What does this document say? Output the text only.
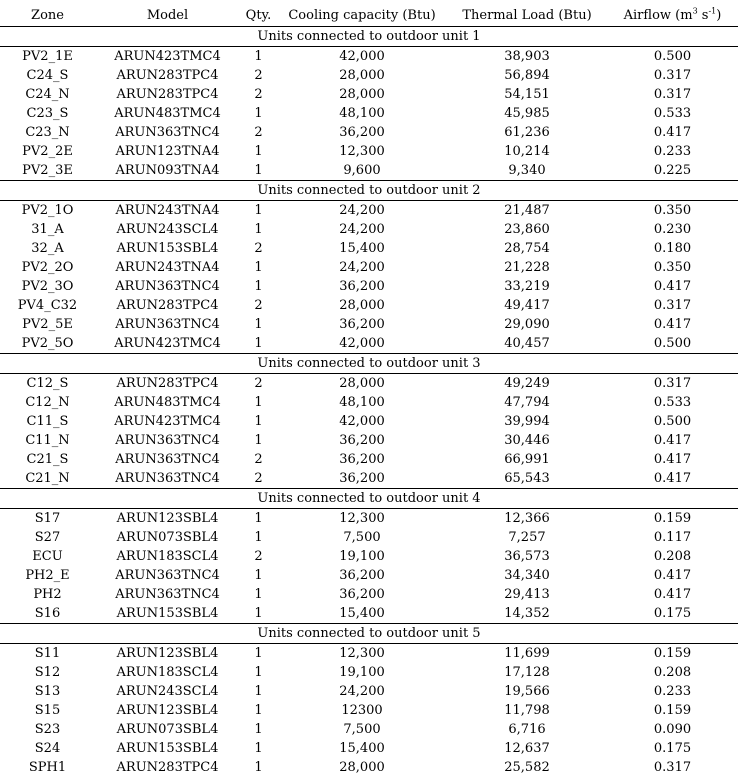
Zone	Model	Qty.	Cooling capacity (Btu)	Thermal Load (Btu)	Airflow ($m^3$ $s^{-1}$)
Units connected to outdoor unit 1					
PV2_1E	ARUN423TMC4	1	42,000	38,903	0.500
C24_S	ARUN283TPC4	2	28,000	56,894	0.317
C24_N	ARUN283TPC4	2	28,000	54,151	0.317
C23_S	ARUN483TMC4	1	48,100	45,985	0.533
C23_N	ARUN363TNC4	2	36,200	61,236	0.417
PV2_2E	ARUN123TNA4	1	12,300	10,214	0.233
PV2_3E	ARUN093TNA4	1	9,600	9,340	0.225
Units connected to outdoor unit 2					
PV2_1O	ARUN243TNA4	1	24,200	21,487	0.350
31_A	ARUN243SCL4	1	24,200	23,860	0.230
32_A	ARUN153SBL4	2	15,400	28,754	0.180
PV2_2O	ARUN243TNA4	1	24,200	21,228	0.350
PV2_3O	ARUN363TNC4	1	36,200	33,219	0.417
PV4_C32	ARUN283TPC4	2	28,000	49,417	0.317
PV2_5E	ARUN363TNC4	1	36,200	29,090	0.417
PV2_5O	ARUN423TMC4	1	42,000	40,457	0.500
Units connected to outdoor unit 3					
C12_S	ARUN283TPC4	2	28,000	49,249	0.317
C12_N	ARUN483TMC4	1	48,100	47,794	0.533
C11_S	ARUN423TMC4	1	42,000	39,994	0.500
C11_N	ARUN363TNC4	1	36,200	30,446	0.417
C21_S	ARUN363TNC4	2	36,200	66,991	0.417
C21_N	ARUN363TNC4	2	36,200	65,543	0.417
Units connected to outdoor unit 4					
S17	ARUN123SBL4	1	12,300	12,366	0.159
S27	ARUN073SBL4	1	7,500	7,257	0.117
ECU	ARUN183SCL4	2	19,100	36,573	0.208
PH2_E	ARUN363TNC4	1	36,200	34,340	0.417
PH2	ARUN363TNC4	1	36,200	29,413	0.417
S16	ARUN153SBL4	1	15,400	14,352	0.175
Units connected to outdoor unit 5					
S11	ARUN123SBL4	1	12,300	11,699	0.159
S12	ARUN183SCL4	1	19,100	17,128	0.208
S13	ARUN243SCL4	1	24,200	19,566	0.233
S15	ARUN123SBL4	1	12300	11,798	0.159
S23	ARUN073SBL4	1	7,500	6,716	0.090
S24	ARUN153SBL4	1	15,400	12,637	0.175
SPH1	ARUN283TPC4	1	28,000	25,582	0.317
